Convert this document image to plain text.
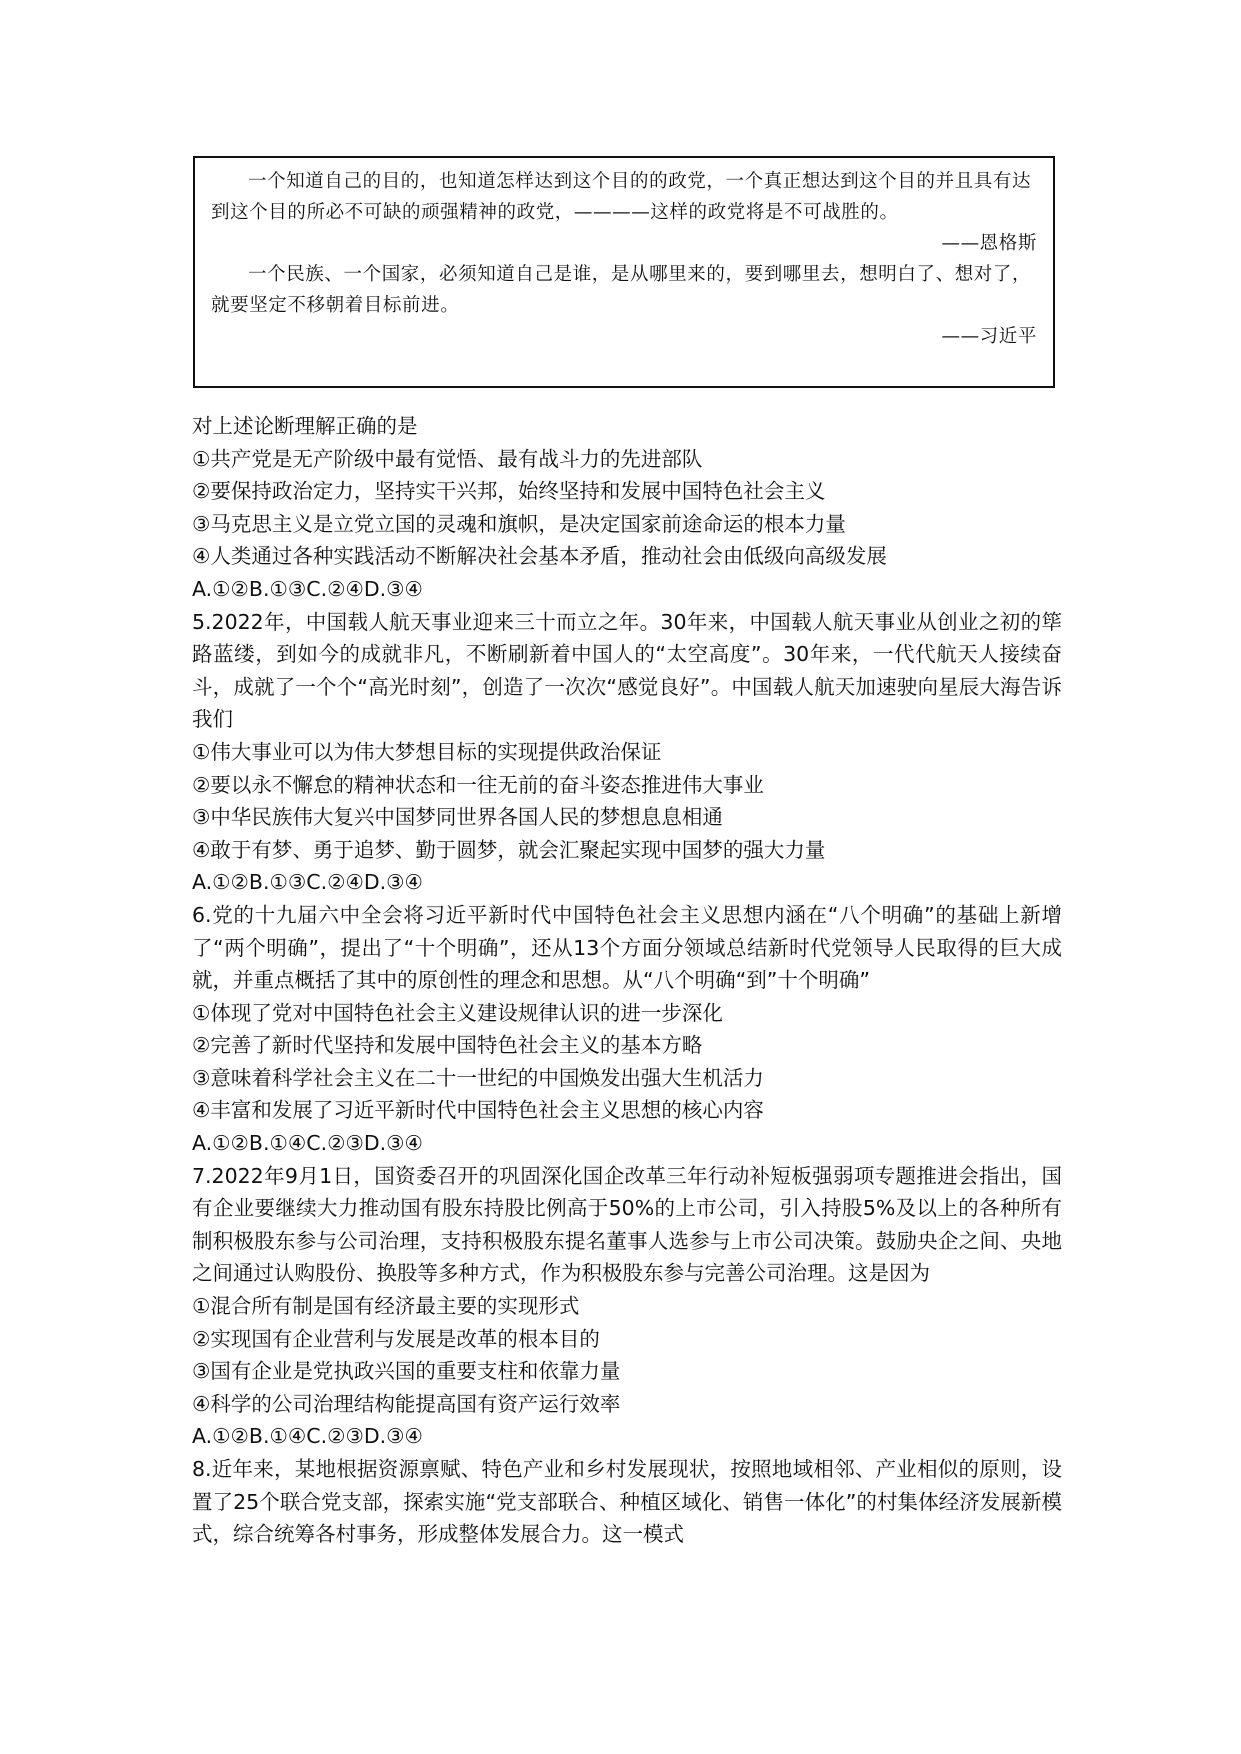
一个知道自己的目的，也知道怎样达到这个目的的政党，一个真正想达到这个目的并且具有达到这个目的所必不可缺的顽强精神的政党，————这样的政党将是不可战胜的。

——恩格斯

一个民族、一个国家，必须知道自己是谁，是从哪里来的，要到哪里去，想明白了、想对了，就要坚定不移朝着目标前进。

——习近平

对上述论断理解正确的是

①共产党是无产阶级中最有觉悟、最有战斗力的先进部队

②要保持政治定力，坚持实干兴邦，始终坚持和发展中国特色社会主义

③马克思主义是立党立国的灵魂和旗帜，是决定国家前途命运的根本力量

④人类通过各种实践活动不断解决社会基本矛盾，推动社会由低级向高级发展

A.①②B.①③C.②④D.③④

5.2022年，中国载人航天事业迎来三十而立之年。30年来，中国载人航天事业从创业之初的筚路蓝缕，到如今的成就非凡，不断刷新着中国人的“太空高度”。30年来，一代代航天人接续奋斗，成就了一个个“高光时刻”，创造了一次次“感觉良好”。中国载人航天加速驶向星辰大海告诉我们

①伟大事业可以为伟大梦想目标的实现提供政治保证

②要以永不懈怠的精神状态和一往无前的奋斗姿态推进伟大事业

③中华民族伟大复兴中国梦同世界各国人民的梦想息息相通

④敢于有梦、勇于追梦、勤于圆梦，就会汇聚起实现中国梦的强大力量

A.①②B.①③C.②④D.③④

6.党的十九届六中全会将习近平新时代中国特色社会主义思想内涵在“八个明确”的基础上新增了“两个明确”，提出了“十个明确”，还从13个方面分领域总结新时代党领导人民取得的巨大成就，并重点概括了其中的原创性的理念和思想。从“八个明确“到”十个明确”

①体现了党对中国特色社会主义建设规律认识的进一步深化

②完善了新时代坚持和发展中国特色社会主义的基本方略

③意味着科学社会主义在二十一世纪的中国焕发出强大生机活力

④丰富和发展了习近平新时代中国特色社会主义思想的核心内容

A.①②B.①④C.②③D.③④

7.2022年9月1日，国资委召开的巩固深化国企改革三年行动补短板强弱项专题推进会指出，国有企业要继续大力推动国有股东持股比例高于50%的上市公司，引入持股5%及以上的各种所有制积极股东参与公司治理，支持积极股东提名董事人选参与上市公司决策。鼓励央企之间、央地之间通过认购股份、换股等多种方式，作为积极股东参与完善公司治理。这是因为

①混合所有制是国有经济最主要的实现形式

②实现国有企业营利与发展是改革的根本目的

③国有企业是党执政兴国的重要支柱和依靠力量

④科学的公司治理结构能提高国有资产运行效率

A.①②B.①④C.②③D.③④

8.近年来，某地根据资源禀赋、特色产业和乡村发展现状，按照地域相邻、产业相似的原则，设置了25个联合党支部，探索实施“党支部联合、种植区域化、销售一体化”的村集体经济发展新模式，综合统筹各村事务，形成整体发展合力。这一模式
